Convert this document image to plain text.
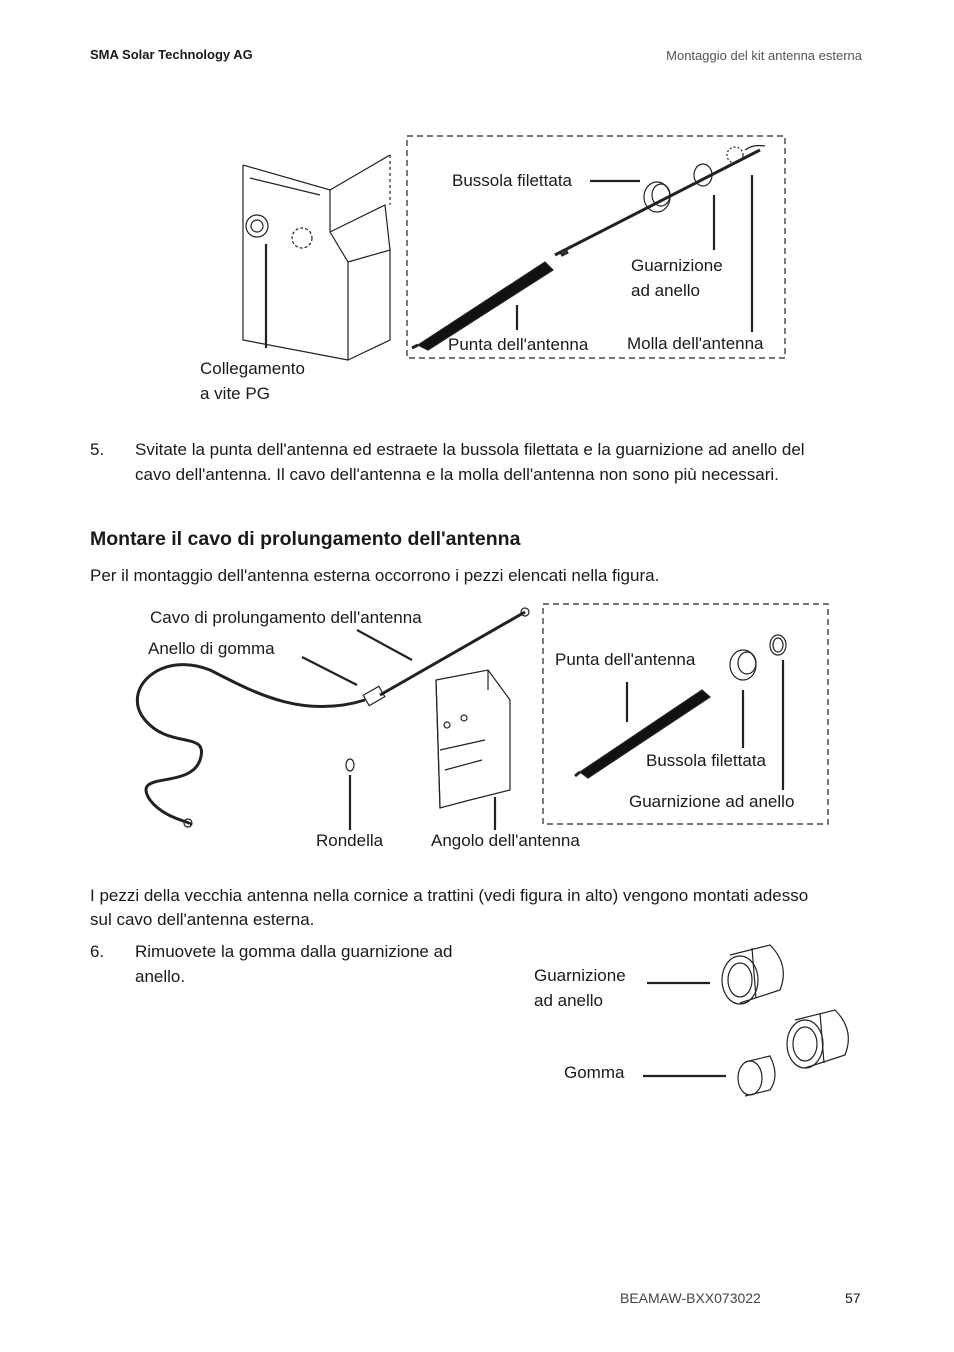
SMA Solar Technology AG	Montaggio del kit antenna esterna
Bussola filettata
Guarnizione
ad anello
Punta dell'antenna Molla dell'antenna
Collegamento
a vite PG
5. Svitate la punta dell'antenna ed estraete la bussola filettata e la guarnizione ad anello del
cavo dell'antenna. Il cavo dell'antenna e la molla dell'antenna non sono più necessari.
Montare il cavo di prolungamento dell'antenna
Per il montaggio dell'antenna esterna occorrono i pezzi elencati nella figura.
Cavo di prolungamento dell'antenna
Anello di gomma
Punta dell'antenna
Bussola filettata
Guarnizione ad anello
Rondella	Angolo dell'antenna
I pezzi della vecchia antenna nella cornice a trattini (vedi figura in alto) vengono montati adesso
sul cavo dell'antenna esterna.
6. Rimuovete la gomma dalla guarnizione ad
anello.	Guarnizione
ad anello
Gomma
BEAMAW-BXX073022	57
